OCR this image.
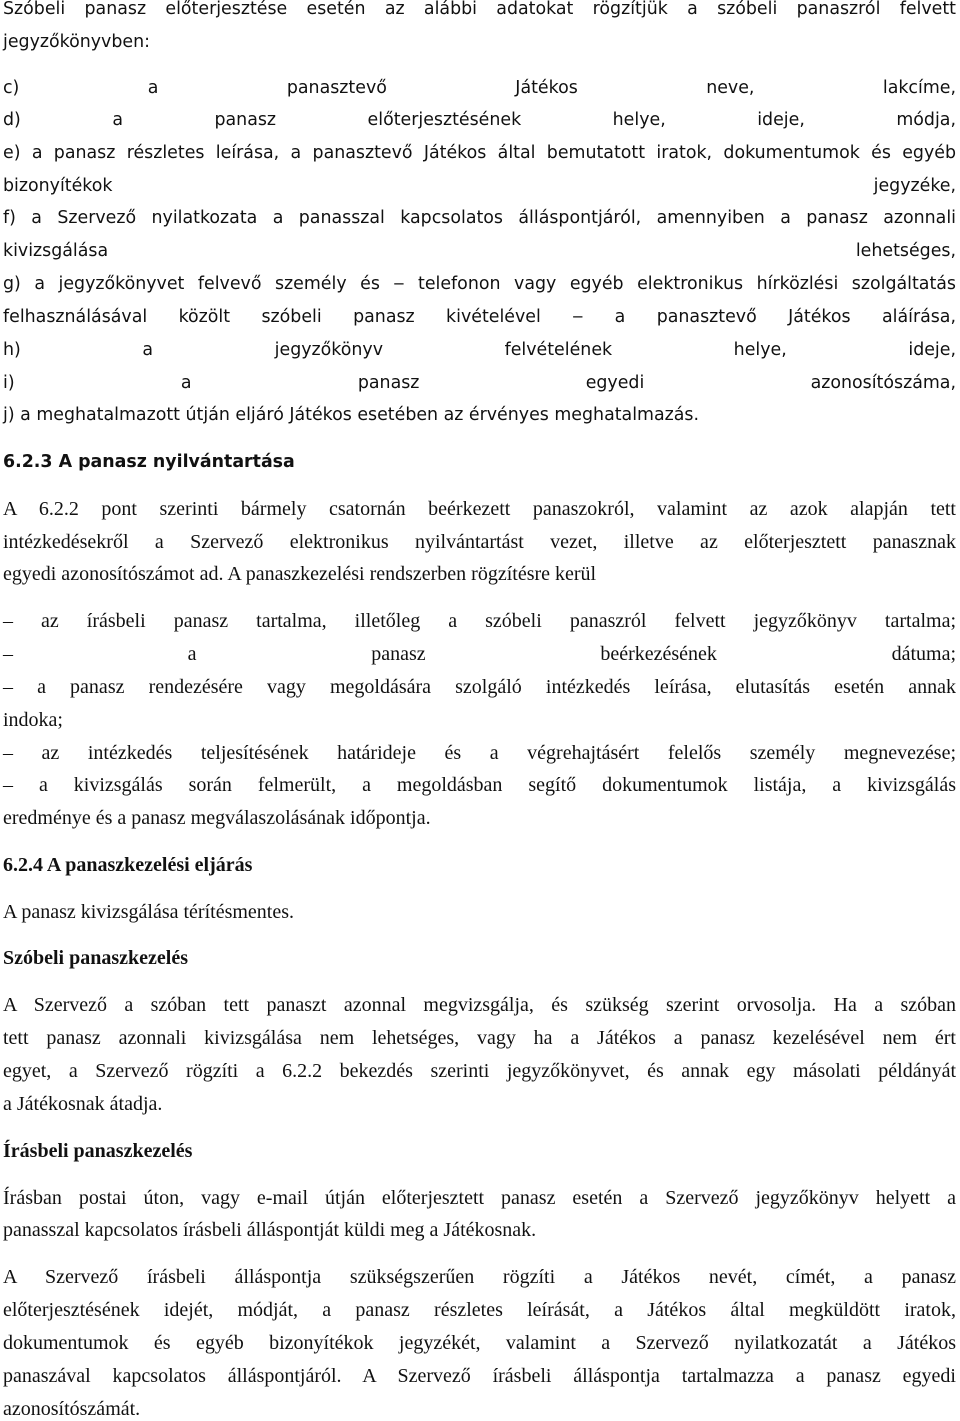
Szóbeli panasz előterjesztése esetén az alábbi adatokat rögzítjük a szóbeli panaszról felvett
jegyzőkönyvben:
c) a panasztevő Játékos neve, lakcíme,
d) a panasz előterjesztésének helye, ideje, módja,
e) a panasz részletes leírása, a panasztevő Játékos által bemutatott iratok, dokumentumok és egyéb
bizonyítékok jegyzéke,
f) a Szervező nyilatkozata a panasszal kapcsolatos álláspontjáról, amennyiben a panasz azonnali
kivizsgálása lehetséges,
g) a jegyzőkönyvet felvevő személy és ‒ telefonon vagy egyéb elektronikus hírközlési szolgáltatás
felhasználásával közölt szóbeli panasz kivételével ‒ a panasztevő Játékos aláírása,
h) a jegyzőkönyv felvételének helye, ideje,
i) a panasz egyedi azonosítószáma,
j) a meghatalmazott útján eljáró Játékos esetében az érvényes meghatalmazás.
6.2.3 A panasz nyilvántartása
A 6.2.2 pont szerinti bármely csatornán beérkezett panaszokról, valamint az azok alapján tett
intézkedésekről a Szervező elektronikus nyilvántartást vezet, illetve az előterjesztett panasznak
egyedi azonosítószámot ad. A panaszkezelési rendszerben rögzítésre kerül
‒ az írásbeli panasz tartalma, illetőleg a szóbeli panaszról felvett jegyzőkönyv tartalma;
‒ a panasz beérkezésének dátuma;
‒ a panasz rendezésére vagy megoldására szolgáló intézkedés leírása, elutasítás esetén annak
indoka;
‒ az intézkedés teljesítésének határideje és a végrehajtásért felelős személy megnevezése;
‒ a kivizsgálás során felmerült, a megoldásban segítő dokumentumok listája, a kivizsgálás
eredménye és a panasz megválaszolásának időpontja.
6.2.4 A panaszkezelési eljárás
A panasz kivizsgálása térítésmentes.
Szóbeli panaszkezelés
A Szervező a szóban tett panaszt azonnal megvizsgálja, és szükség szerint orvosolja. Ha a szóban
tett panasz azonnali kivizsgálása nem lehetséges, vagy ha a Játékos a panasz kezelésével nem ért
egyet, a Szervező rögzíti a 6.2.2 bekezdés szerinti jegyzőkönyvet, és annak egy másolati példányát
a Játékosnak átadja.
Írásbeli panaszkezelés
Írásban postai úton, vagy e-mail útján előterjesztett panasz esetén a Szervező jegyzőkönyv helyett a
panasszal kapcsolatos írásbeli álláspontját küldi meg a Játékosnak.
A Szervező írásbeli álláspontja szükségszerűen rögzíti a Játékos nevét, címét, a panasz
előterjesztésének idejét, módját, a panasz részletes leírását, a Játékos által megküldött iratok,
dokumentumok és egyéb bizonyítékok jegyzékét, valamint a Szervező nyilatkozatát a Játékos
panaszával kapcsolatos álláspontjáról. A Szervező írásbeli álláspontja tartalmazza a panasz egyedi
azonosítószámát.
